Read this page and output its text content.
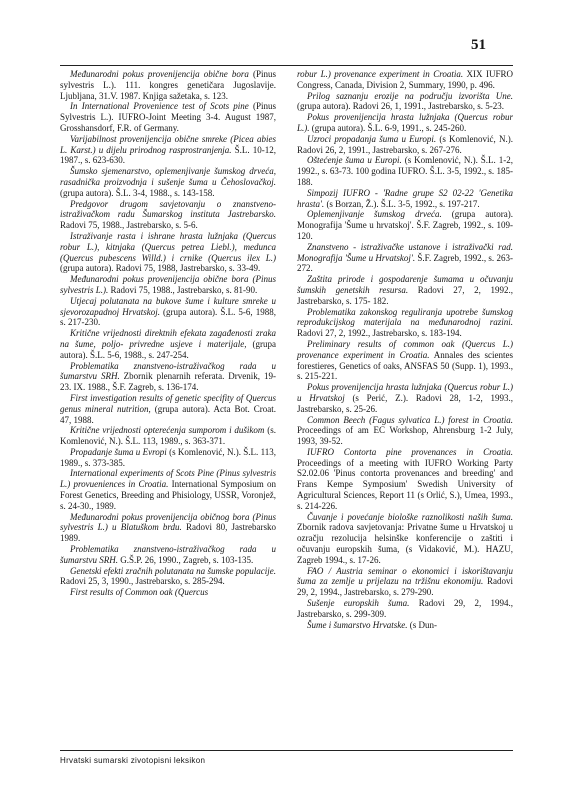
51

Međunarodni pokus provenijencija obične bora (Pinus sylvestris L.). 111. kongres genetičara Jugoslavije. Ljubljana, 31.V. 1987. Knjiga sažetaka, s. 123.

In International Provenience test of Scots pine (Pinus Sylvestris L.). IUFRO-Joint Meeting 3-4. August 1987, Grosshansdorf, F.R. of Germany.

Varijabilnost provenijencija obične smreke (Picea abies L. Karst.) u dijelu prirodnog rasprostranjenja. Š.L. 10-12, 1987., s. 623-630.

Šumsko sjemenarstvo, oplemenjivanje šumskog drveća, rasadnička proizvodnja i sušenje šuma u Čehoslovačkoj. (grupa autora). Š.L. 3-4, 1988., s. 143-158.

Predgovor drugom savjetovanju o znanstveno-istraživačkom radu Šumarskog instituta Jastrebarsko. Radovi 75, 1988., Jastrebarsko, s. 5-6.

Istraživanje rasta i ishrane hrasta lužnjaka (Quercus robur L.), kitnjaka (Quercus petrea Liebl.), medunca (Quercus pubescens Willd.) i crnike (Quercus ilex L.) (grupa autora). Radovi 75, 1988, Jastrebarsko, s. 33-49.

Međunarodni pokus provenijencija obične bora (Pinus sylvestris L.). Radovi 75, 1988., Jastrebarsko, s. 81-90.

Utjecaj polutanata na bukove šume i kulture smreke u sjevorozapadnoj Hrvatskoj. (grupa autora). Š.L. 5-6, 1988, s. 217-230.

Kritične vrijednosti direktnih efekata zagađenosti zraka na šume, poljo- privredne usjeve i materijale, (grupa autora). Š.L. 5-6, 1988., s. 247-254.

Problematika znanstveno-istraživačkog rada u šumarstvu SRH. Zbornik plenarnih referata. Drvenik, 19-23. IX. 1988., Š.F. Zagreb, s. 136-174.

First investigation results of genetic specifity of Quercus genus mineral nutrition, (grupa autora). Acta Bot. Croat. 47, 1988.

Kritične vrijednosti opterećenja sumporom i dušikom (s. Komlenović, N.). Š.L. 113, 1989., s. 363-371.

Propadanje šuma u Evropi (s Komlenović, N.). Š.L. 113, 1989., s. 373-385.

International experiments of Scots Pine (Pinus sylvestris L.) provueniences in Croatia. International Symposium on Forest Genetics, Breeding and Phisiology, USSR, Voronjež, s. 24-30., 1989.

Međunarodni pokus provenijencija običnog bora (Pinus sylvestris L.) u Blatuškom brdu. Radovi 80, Jastrebarsko 1989.

Problematika znanstveno-istraživačkog rada u šumarstvu SRH. G.Š.P. 26, 1990., Zagreb, s. 103-135.

Genetski efekti zračnih polutanata na šumske populacije. Radovi 25, 3, 1990., Jastrebarsko, s. 285-294.

First results of Common oak (Quercus

robur L.) provenance experiment in Croatia. XIX IUFRO Congress, Canada, Division 2, Summary, 1990, p. 496.

Prilog saznanju erozije na području izvorišta Une. (grupa autora). Radovi 26, 1, 1991., Jastrebarsko, s. 5-23.

Pokus provenijencija hrasta lužnjaka (Quercus robur L.). (grupa autora). Š.L. 6-9, 1991., s. 245-260.

Uzroci propadanja šuma u Europi. (s Komlenović, N.). Radovi 26, 2, 1991., Jastrebarsko, s. 267-276.

Oštećenje šuma u Europi. (s Komlenović, N.). Š.L. 1-2, 1992., s. 63-73. 100 godina IUFRO. Š.L. 3-5, 1992., s. 185-188.

Simpozij IUFRO - 'Radne grupe S2 02-22 'Genetika hrasta'. (s Borzan, Ž.). Š.L. 3-5, 1992., s. 197-217.

Oplemenjivanje šumskog drveća. (grupa autora). Monografija 'Šume u hrvatskoj'. Š.F. Zagreb, 1992., s. 109-120.

Znanstveno - istraživačke ustanove i istraživački rad. Monografija 'Šume u Hrvatskoj'. Š.F. Zagreb, 1992., s. 263-272.

Zaštita prirode i gospodarenje šumama u očuvanju šumskih genetskih resursa. Radovi 27, 2, 1992., Jastrebarsko, s. 175- 182.

Problematika zakonskog reguliranja upotrebe šumskog reprodukcijskog materijala na međunarodnoj razini. Radovi 27, 2, 1992., Jastrebarsko, s. 183-194.

Preliminary results of common oak (Quercus L.) provenance experiment in Croatia. Annales des scientes forestieres, Genetics of oaks, ANSFAS 50 (Supp. 1), 1993., s. 215-221.

Pokus provenijencija hrasta lužnjaka (Quercus robur L.) u Hrvatskoj (s Perić, Z.). Radovi 28, 1-2, 1993., Jastrebarsko, s. 25-26.

Common Beech (Fagus sylvatica L.) forest in Croatia. Proceedings of am EC Workshop, Ahrensburg 1-2 July, 1993, 39-52.

IUFRO Contorta pine provenances in Croatia. Proceedings of a meeting with IUFRO Working Party S2.02.06 'Pinus contorta provenances and breeding' and Frans Kempe Symposium' Swedish University of Agricultural Sciences, Report 11 (s Orlić, S.), Umea, 1993., s. 214-226.

Čuvanje i povećanje biološke raznolikosti naših šuma. Zbornik radova savjetovanja: Privatne šume u Hrvatskoj u ozračju rezolucija helsinške konferencije o zaštiti i očuvanju europskih šuma, (s Vidaković, M.). HAZU, Zagreb 1994., s. 17-26.

FAO / Austria seminar o ekonomici i iskorištavanju šuma za zemlje u prijelazu na tržišnu ekonomiju. Radovi 29, 2, 1994., Jastrebarsko, s. 279-290.

Sušenje europskih šuma. Radovi 29, 2, 1994., Jastrebarsko, s. 299-309.

Šume i šumarstvo Hrvatske. (s Dun-

Hrvatski sumarski zivotopisni leksikon
